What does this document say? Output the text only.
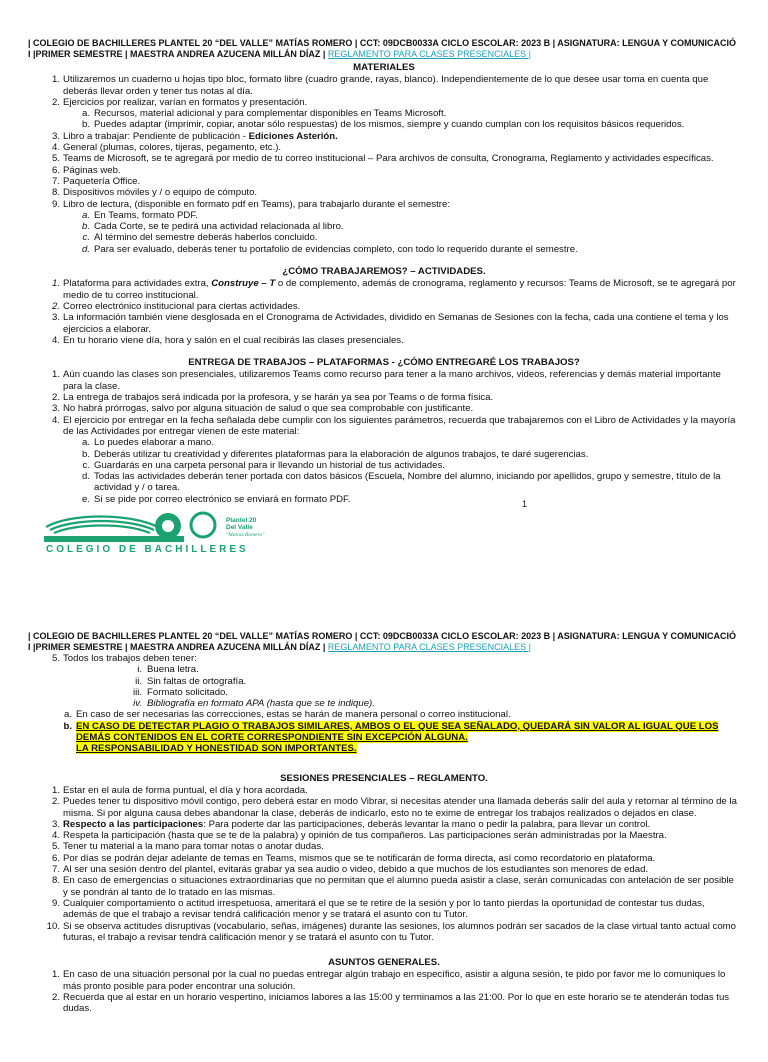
| COLEGIO DE BACHILLERES PLANTEL 20 “DEL VALLE” MATÍAS ROMERO | CCT: 09DCB0033A CICLO ESCOLAR: 2023 B | ASIGNATURA: LENGUA Y COMUNICACIÓ I |PRIMER SEMESTRE | MAESTRA ANDREA AZUCENA MILLÁN DÍAZ | REGLAMENTO PARA CLASES PRESENCIALES |
MATERIALES
1. Utilizaremos un cuaderno u hojas tipo bloc, formato libre (cuadro grande, rayas, blanco). Independientemente de lo que desee usar toma en cuenta que deberás llevar orden y tener tus notas al día.
2. Ejercicios por realizar, varían en formatos y presentación.
a. Recursos, material adicional y para complementar disponibles en Teams Microsoft.
b. Puedes adaptar (imprimir, copiar, anotar sólo respuestas) de los mismos, siempre y cuando cumplan con los requisitos básicos requeridos.
3. Libro a trabajar: Pendiente de publicación - Ediciones Asterión.
4. General (plumas, colores, tijeras, pegamento, etc.).
5. Teams de Microsoft, se te agregará por medio de tu correo institucional – Para archivos de consulta, Cronograma, Reglamento y actividades específicas.
6. Páginas web.
7. Paquetería Office.
8. Dispositivos móviles y / o equipo de cómputo.
9. Libro de lectura, (disponible en formato pdf en Teams), para trabajarlo durante el semestre:
a. En Teams, formato PDF.
b. Cada Corte, se te pedirá una actividad relacionada al libro.
c. Al término del semestre deberás haberlos concluido.
d. Para ser evaluado, deberás tener tu portafolio de evidencias completo, con todo lo requerido durante el semestre.
¿CÓMO TRABAJAREMOS? – ACTIVIDADES.
1. Plataforma para actividades extra, Construye – T o de complemento, además de cronograma, reglamento y recursos: Teams de Microsoft, se te agregará por medio de tu correo institucional.
2. Correo electrónico institucional para ciertas actividades.
3. La información también viene desglosada en el Cronograma de Actividades, dividido en Semanas de Sesiones con la fecha, cada una contiene el tema y los ejercicios a elaborar.
4. En tu horario viene día, hora y salón en el cual recibirás las clases presenciales.
ENTREGA DE TRABAJOS – PLATAFORMAS - ¿CÓMO ENTREGARÉ LOS TRABAJOS?
1. Aún cuando las clases son presenciales, utilizaremos Teams como recurso para tener a la mano archivos, videos, referencias y demás material importante para la clase.
2. La entrega de trabajos será indicada por la profesora, y se harán ya sea por Teams o de forma física.
3. No habrá prórrogas, salvo por alguna situación de salud o que sea comprobable con justificante.
4. El ejercicio por entregar en la fecha señalada debe cumplir con los siguientes parámetros, recuerda que trabajaremos con el Libro de Actividades y la mayoría de las Actividades por entregar vienen de este material:
a. Lo puedes elaborar a mano.
b. Deberás utilizar tu creatividad y diferentes plataformas para la elaboración de algunos trabajos, te daré sugerencias.
c. Guardarás en una carpeta personal para ir llevando un historial de tus actividades.
d. Todas las actividades deberán tener portada con datos básicos (Escuela, Nombre del alumno, iniciando por apellidos, grupo y semestre, título de la actividad y / o tarea.
e. Si se pide por correo electrónico se enviará en formato PDF.	1
COLEGIO DE BACHILLERES
Plantel 20
Del Valle
"Matías Romero"
| COLEGIO DE BACHILLERES PLANTEL 20 “DEL VALLE” MATÍAS ROMERO | CCT: 09DCB0033A CICLO ESCOLAR: 2023 B | ASIGNATURA: LENGUA Y COMUNICACIÓ I |PRIMER SEMESTRE | MAESTRA ANDREA AZUCENA MILLÁN DÍAZ | REGLAMENTO PARA CLASES PRESENCIALES |
5. Todos los trabajos deben tener:
i. Buena letra.
ii. Sin faltas de ortografía.
iii. Formato solicitado.
iv. Bibliografía en formato APA (hasta que se te indique).
a. En caso de ser necesarias las correcciones, estas se harán de manera personal o correo institucional.
b. EN CASO DE DETECTAR PLAGIO O TRABAJOS SIMILARES, AMBOS O EL QUE SEA SEÑALADO, QUEDARÁ SIN VALOR AL IGUAL QUE LOS DEMÁS CONTENIDOS EN EL CORTE CORRESPONDIENTE SIN EXCEPCIÓN ALGUNA.
LA RESPONSABILIDAD Y HONESTIDAD SON IMPORTANTES.
SESIONES PRESENCIALES – REGLAMENTO.
1. Estar en el aula de forma puntual, el día y hora acordada.
2. Puedes tener tu dispositivo móvil contigo, pero deberá estar en modo Vibrar, si necesitas atender una llamada deberás salir del aula y retornar al término de la misma. Si por alguna causa debes abandonar la clase, deberás de indicarlo, esto no te exime de entregar los trabajos realizados o dejados en clase.
3. Respecto a las participaciones: Para poderte dar las participaciones, deberás levantar la mano o pedir la palabra, para llevar un control.
4. Respeta la participación (hasta que se te de la palabra) y opinión de tus compañeros. Las participaciones serán administradas por la Maestra.
5. Tener tu material a la mano para tomar notas o anotar dudas.
6. Por días se podrán dejar adelante de temas en Teams, mismos que se te notificarán de forma directa, así como recordatorio en plataforma.
7. Al ser una sesión dentro del plantel, evitarás grabar ya sea audio o video, debido a que muchos de los estudiantes son menores de edad.
8. En caso de emergencias o situaciones extraordinarias que no permitan que el alumno pueda asistir a clase, serán comunicadas con antelación de ser posible y se pondrán al tanto de lo tratado en las mismas.
9. Cualquier comportamiento o actitud irrespetuosa, ameritará el que se te retire de la sesión y por lo tanto pierdas la oportunidad de contestar tus dudas, además de que el trabajo a revisar tendrá calificación menor y se tratará el asunto con tu Tutor.
10. Si se observa actitudes disruptivas (vocabulario, señas, imágenes) durante las sesiones, los alumnos podrán ser sacados de la clase virtual tanto actual como futuras, el trabajo a revisar tendrá calificación menor y se tratará el asunto con tu Tutor.
ASUNTOS GENERALES.
1. En caso de una situación personal por la cual no puedas entregar algún trabajo en específico, asistir a alguna sesión, te pido por favor me lo comuniques lo más pronto posible para poder encontrar una solución.
2. Recuerda que al estar en un horario vespertino, iniciamos labores a las 15:00 y terminamos a las 21:00. Por lo que en este horario se te atenderán todas tus dudas.
